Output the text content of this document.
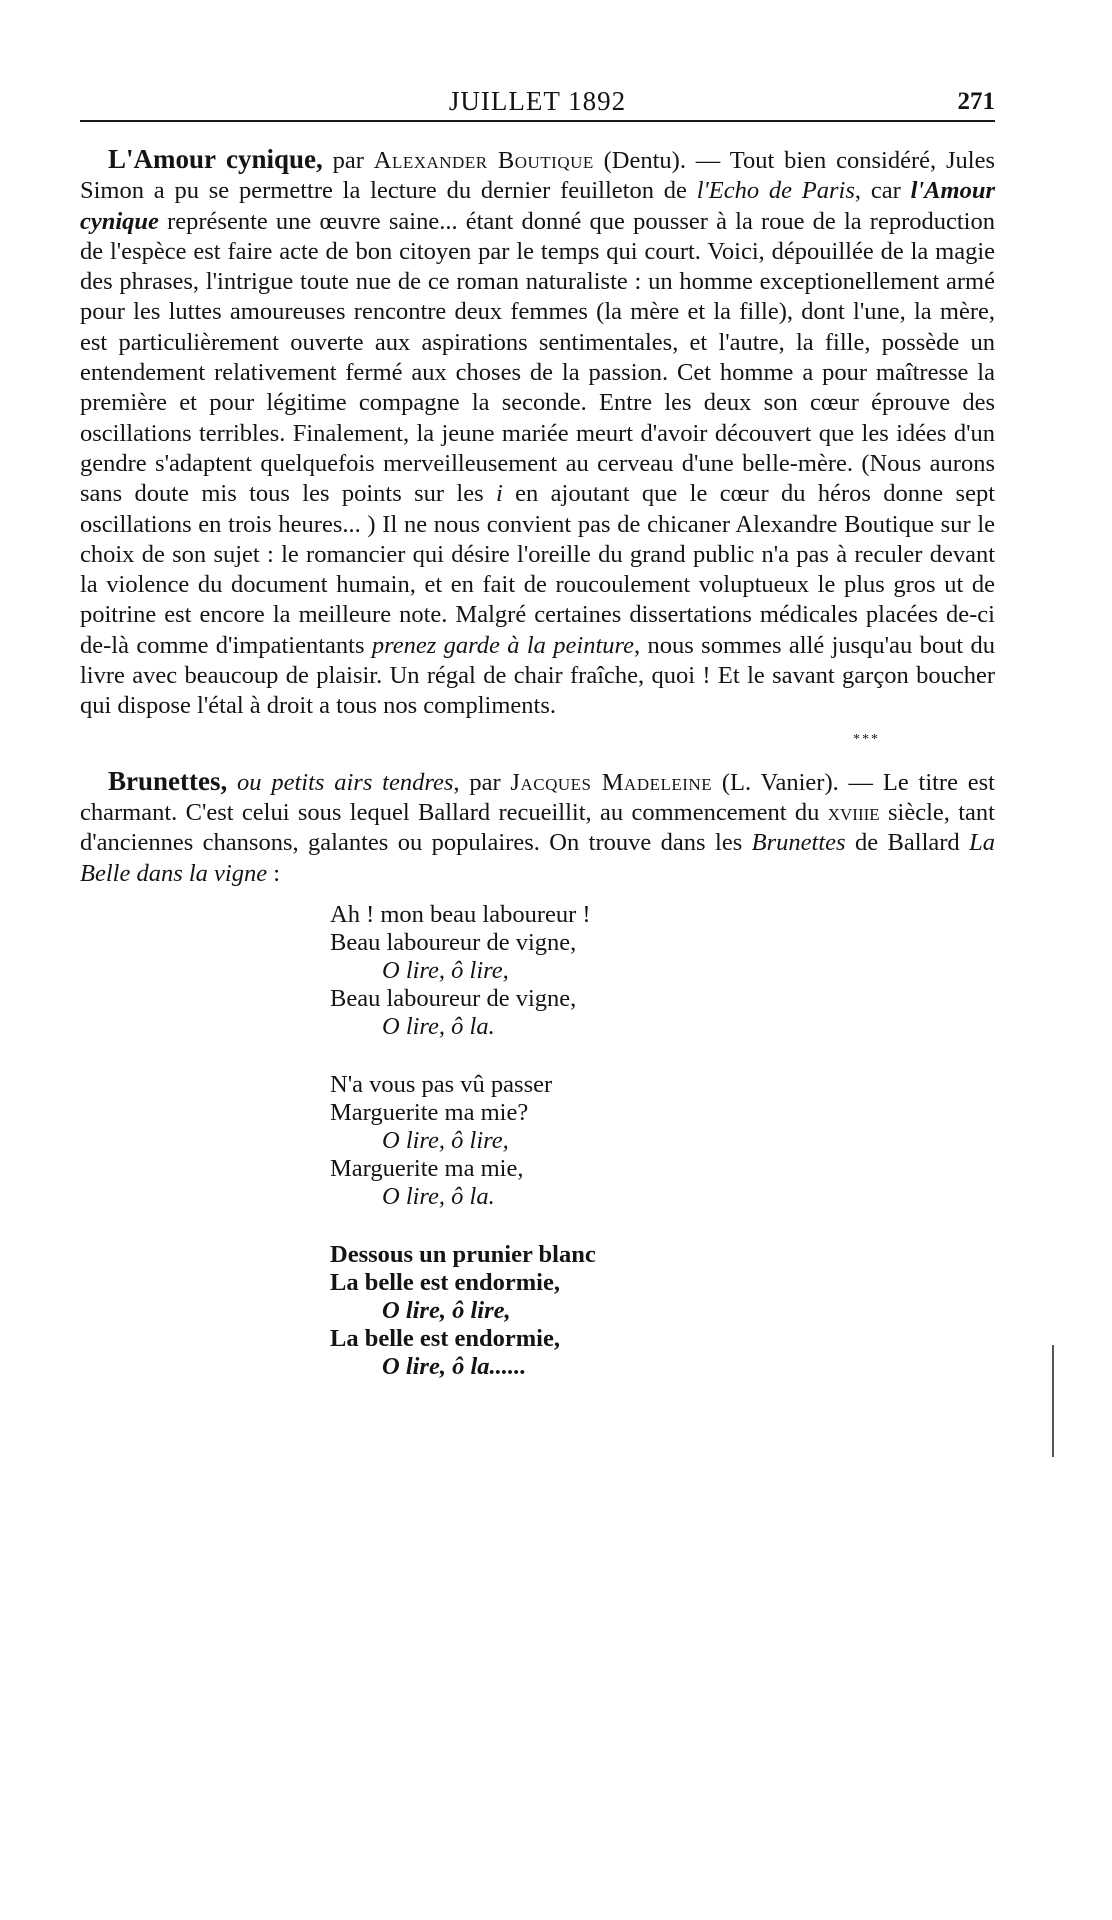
JUILLET 1892	271

L'Amour cynique, par Alexander Boutique (Dentu). — Tout bien considéré, Jules Simon a pu se permettre la lecture du dernier feuilleton de l'Echo de Paris, car l'Amour cynique représente une œuvre saine... étant donné que pousser à la roue de la reproduction de l'espèce est faire acte de bon citoyen par le temps qui court. Voici, dépouillée de la magie des phrases, l'intrigue toute nue de ce roman naturaliste : un homme exceptionellement armé pour les luttes amoureuses rencontre deux femmes (la mère et la fille), dont l'une, la mère, est particulièrement ouverte aux aspirations sentimentales, et l'autre, la fille, possède un entendement relativement fermé aux choses de la passion. Cet homme a pour maîtresse la première et pour légitime compagne la seconde. Entre les deux son cœur éprouve des oscillations terribles. Finalement, la jeune mariée meurt d'avoir découvert que les idées d'un gendre s'adaptent quelquefois merveilleusement au cerveau d'une belle-mère. (Nous aurons sans doute mis tous les points sur les i en ajoutant que le cœur du héros donne sept oscillations en trois heures... ) Il ne nous convient pas de chicaner Alexandre Boutique sur le choix de son sujet : le romancier qui désire l'oreille du grand public n'a pas à reculer devant la violence du document humain, et en fait de roucoulement voluptueux le plus gros ut de poitrine est encore la meilleure note. Malgré certaines dissertations médicales placées de-ci de-là comme d'impatientants prenez garde à la peinture, nous sommes allé jusqu'au bout du livre avec beaucoup de plaisir. Un régal de chair fraîche, quoi ! Et le savant garçon boucher qui dispose l'étal à droit a tous nos compliments.

***

Brunettes, ou petits airs tendres, par Jacques Madeleine (L. Vanier). — Le titre est charmant. C'est celui sous lequel Ballard recueillit, au commencement du xviiie siècle, tant d'anciennes chansons, galantes ou populaires. On trouve dans les Brunettes de Ballard La Belle dans la vigne :

Ah ! mon beau laboureur !
Beau laboureur de vigne,
O lire, ô lire,
Beau laboureur de vigne,
O lire, ô la.
N'a vous pas vû passer
Marguerite ma mie?
O lire, ô lire,
Marguerite ma mie,
O lire, ô la.
Dessous un prunier blanc
La belle est endormie,
O lire, ô lire,
La belle est endormie,
O lire, ô la......
